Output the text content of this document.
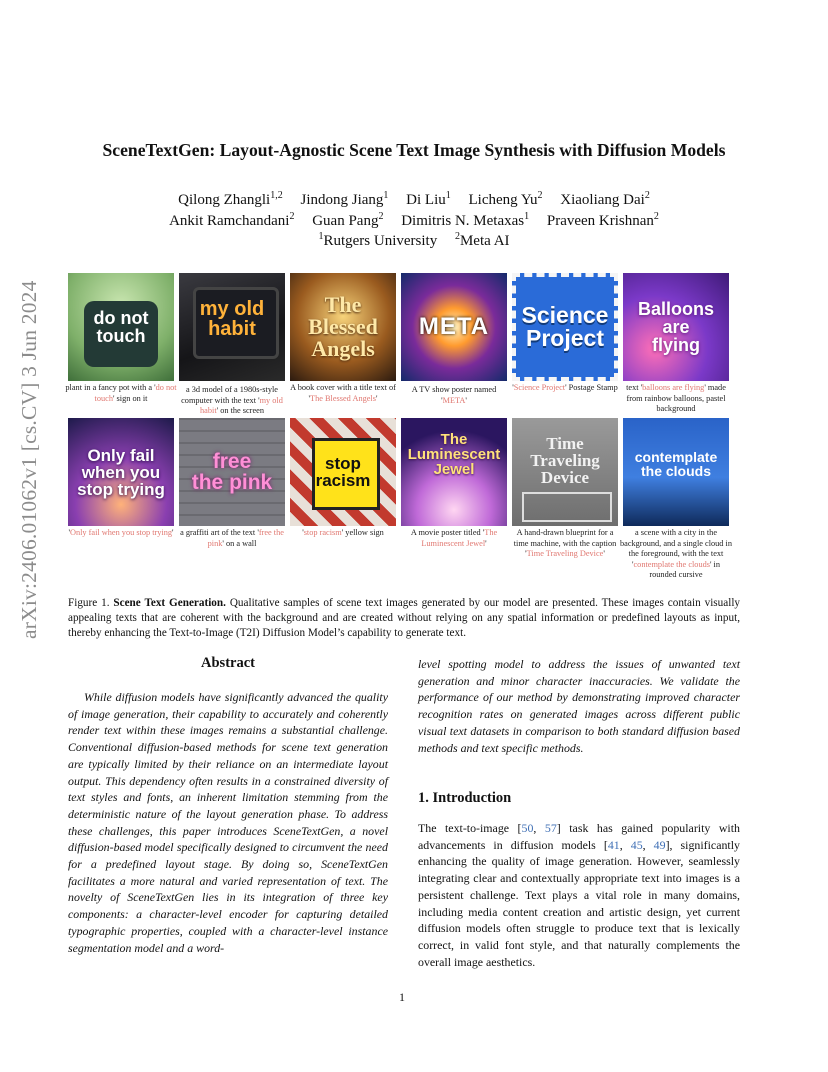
arXiv:2406.01062v1 [cs.CV] 3 Jun 2024
SceneTextGen: Layout-Agnostic Scene Text Image Synthesis with Diffusion Models
Qilong Zhangli$^{1,2}$ Jindong Jiang$^1$ Di Liu$^1$ Licheng Yu$^2$ Xiaoliang Dai$^2$
Ankit Ramchandani$^2$ Guan Pang$^2$ Dimitris N. Metaxas$^1$ Praveen Krishnan$^2$
$^1$Rutgers University $^2$Meta AI
do not
touch
my old
habit
The
Blessed
Angels
META Science
Project
Balloons
are
flying
plant in a fancy pot with a 'do not touch' sign on it
a 3d model of a 1980s-style computer with the text 'my old habit' on the screen
A book cover with a title text of 'The Blessed Angels'
A TV show poster named 'META'
'Science Project' Postage Stamp	text 'balloons are flying' made from rainbow balloons, pastel background
Only fail
when you
stop trying
free
the pink
stop
racism
The
Luminescent
Jewel
Time
Traveling
Device
contemplate
the clouds
'Only fail when you stop trying' a graffiti art of the text 'free the pink' on a wall
'stop racism' yellow sign	A movie poster titled 'The Luminescent Jewel'
A hand-drawn blueprint for a time machine, with the caption 'Time Traveling Device'
a scene with a city in the background, and a single cloud in the foreground, with the text 'contemplate the clouds' in rounded cursive
Figure 1. Scene Text Generation. Qualitative samples of scene text images generated by our model are presented. These images contain visually appealing texts that are coherent with the background and are created without relying on any spatial information or predefined layouts as input, thereby enhancing the Text-to-Image (T2I) Diffusion Model’s capability to generate text.
Abstract

While diffusion models have significantly advanced the quality of image generation, their capability to accurately and coherently render text within these images remains a substantial challenge. Conventional diffusion-based methods for scene text generation are typically limited by their reliance on an intermediate layout output. This dependency often results in a constrained diversity of text styles and fonts, an inherent limitation stemming from the deterministic nature of the layout generation phase. To address these challenges, this paper introduces SceneTextGen, a novel diffusion-based model specifically designed to circumvent the need for a predefined layout stage. By doing so, SceneTextGen facilitates a more natural and varied representation of text. The novelty of SceneTextGen lies in its integration of three key components: a character-level encoder for capturing detailed typographic properties, coupled with a character-level instance segmentation model and a word-

level spotting model to address the issues of unwanted text generation and minor character inaccuracies. We validate the performance of our method by demonstrating improved character recognition rates on generated images across different public visual text datasets in comparison to both standard diffusion based methods and text specific methods.
1. Introduction
The text-to-image [50, 57] task has gained popularity with advancements in diffusion models [41, 45, 49], significantly enhancing the quality of image generation. However, seamlessly integrating clear and contextually appropriate text into images is a persistent challenge. Text plays a vital role in many domains, including media content creation and artistic design, yet current diffusion models often struggle to produce text that is lexically correct, in valid font style, and that naturally complements the overall image aesthetics.
1
